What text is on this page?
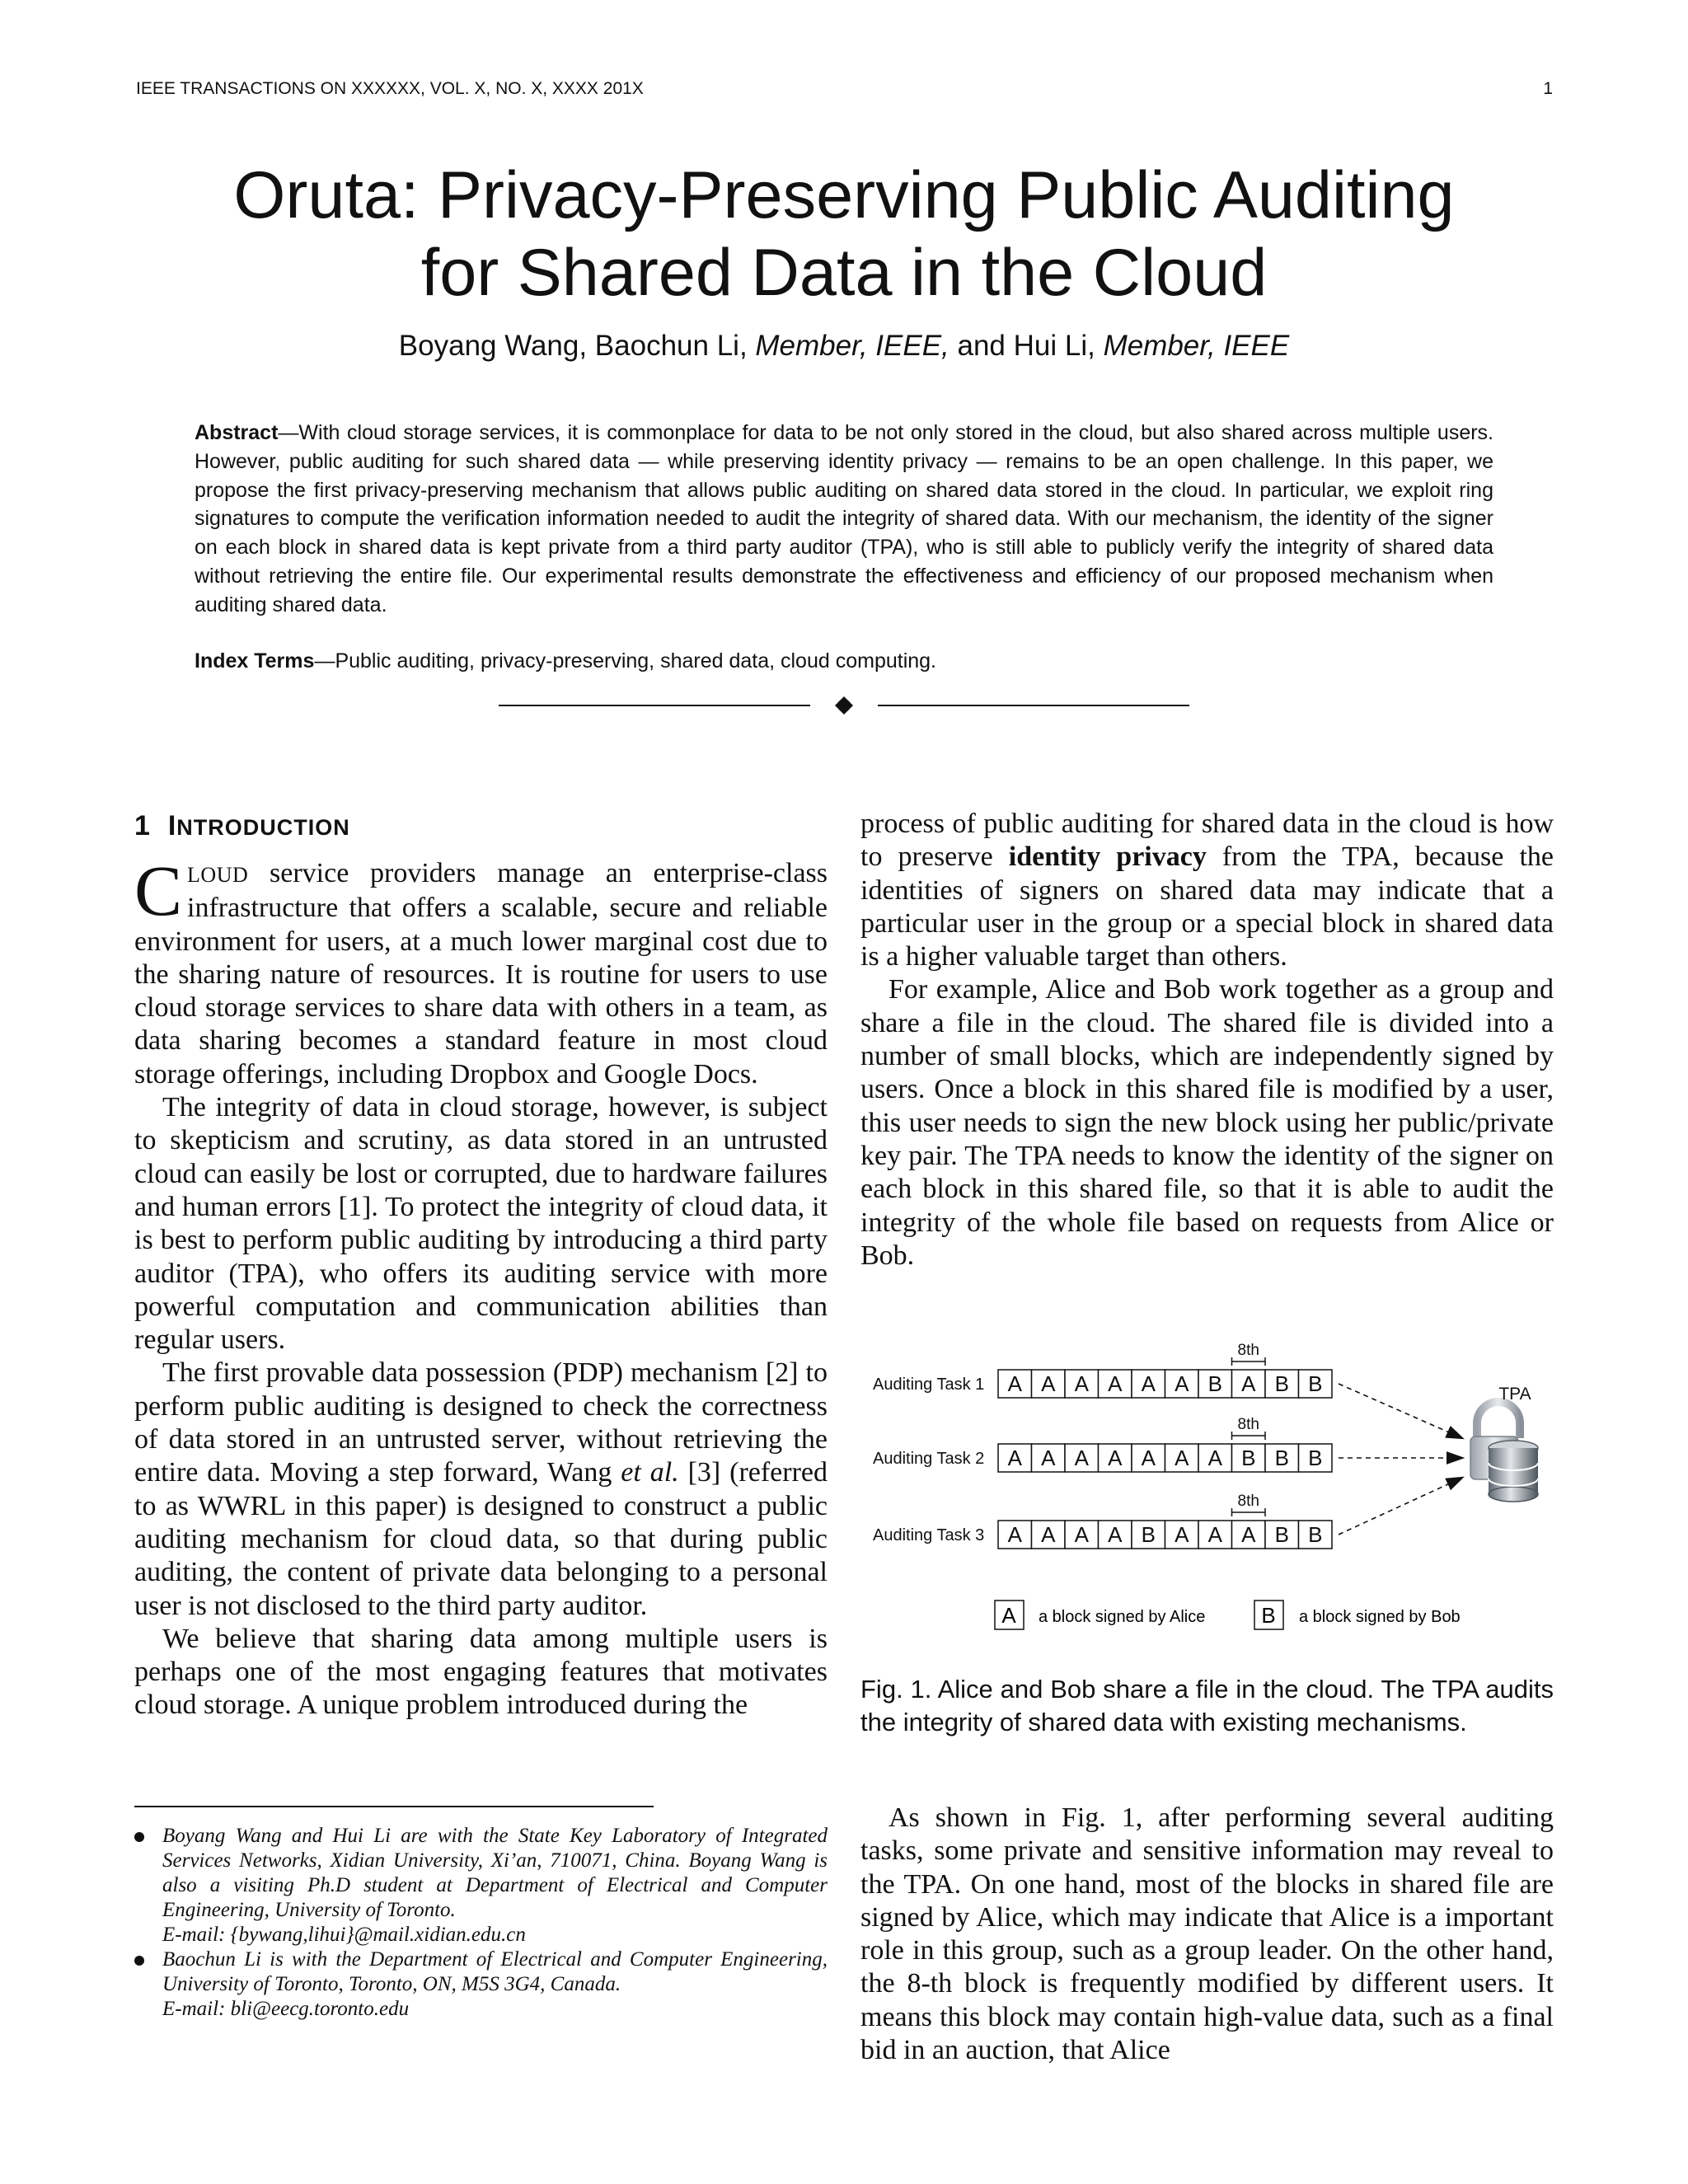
IEEE TRANSACTIONS ON XXXXXX, VOL. X, NO. X, XXXX 201X	1
Oruta: Privacy-Preserving Public Auditing
for Shared Data in the Cloud
Boyang Wang, Baochun Li, Member, IEEE, and Hui Li, Member, IEEE

Abstract—With cloud storage services, it is commonplace for data to be not only stored in the cloud, but also shared across multiple users. However, public auditing for such shared data — while preserving identity privacy — remains to be an open challenge. In this paper, we propose the first privacy-preserving mechanism that allows public auditing on shared data stored in the cloud. In particular, we exploit ring signatures to compute the verification information needed to audit the integrity of shared data. With our mechanism, the identity of the signer on each block in shared data is kept private from a third party auditor (TPA), who is still able to publicly verify the integrity of shared data without retrieving the entire file. Our experimental results demonstrate the effectiveness and efficiency of our proposed mechanism when auditing shared data.

Index Terms—Public auditing, privacy-preserving, shared data, cloud computing.

1 INTRODUCTION

CLOUD service providers manage an enterprise-class infrastructure that offers a scalable, secure and reliable environment for users, at a much lower marginal cost due to the sharing nature of resources. It is routine for users to use cloud storage services to share data with others in a team, as data sharing becomes a standard feature in most cloud storage offerings, including Dropbox and Google Docs.

The integrity of data in cloud storage, however, is subject to skepticism and scrutiny, as data stored in an untrusted cloud can easily be lost or corrupted, due to hardware failures and human errors [1]. To protect the integrity of cloud data, it is best to perform public auditing by introducing a third party auditor (TPA), who offers its auditing service with more powerful computation and communication abilities than regular users.

The first provable data possession (PDP) mechanism [2] to perform public auditing is designed to check the correctness of data stored in an untrusted server, without retrieving the entire data. Moving a step forward, Wang et al. [3] (referred to as WWRL in this paper) is designed to construct a public auditing mechanism for cloud data, so that during public auditing, the content of private data belonging to a personal user is not disclosed to the third party auditor.

We believe that sharing data among multiple users is perhaps one of the most engaging features that motivates cloud storage. A unique problem introduced during the

Boyang Wang and Hui Li are with the State Key Laboratory of Integrated Services Networks, Xidian University, Xi’an, 710071, China. Boyang Wang is also a visiting Ph.D student at Department of Electrical and Computer Engineering, University of Toronto.
E-mail: {bywang,lihui}@mail.xidian.edu.cn
Baochun Li is with the Department of Electrical and Computer Engineering, University of Toronto, Toronto, ON, M5S 3G4, Canada.
E-mail: bli@eecg.toronto.edu

process of public auditing for shared data in the cloud is how to preserve identity privacy from the TPA, because the identities of signers on shared data may indicate that a particular user in the group or a special block in shared data is a higher valuable target than others.

For example, Alice and Bob work together as a group and share a file in the cloud. The shared file is divided into a number of small blocks, which are independently signed by users. Once a block in this shared file is modified by a user, this user needs to sign the new block using her public/private key pair. The TPA needs to know the identity of the signer on each block in this shared file, so that it is able to audit the integrity of the whole file based on requests from Alice or Bob.

Auditing Task 1 A A A A A A B A B B
8th
Auditing Task 2 A A A A A A A B B B
8th
Auditing Task 3 A A A A B A A A B B
8th
TPA
A a block signed by Alice	B a block signed by Bob
Fig. 1. Alice and Bob share a file in the cloud. The TPA audits the integrity of shared data with existing mechanisms.

As shown in Fig. 1, after performing several auditing tasks, some private and sensitive information may reveal to the TPA. On one hand, most of the blocks in shared file are signed by Alice, which may indicate that Alice is a important role in this group, such as a group leader. On the other hand, the 8-th block is frequently modified by different users. It means this block may contain high-value data, such as a final bid in an auction, that Alice
